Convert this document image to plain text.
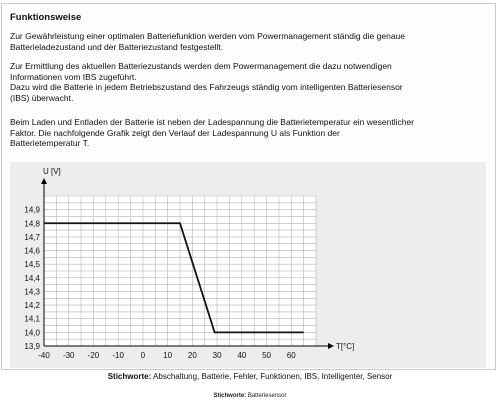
Funktionsweise

Zur Gewährleistung einer optimalen Batteriefunktion werden vom Powermanagement ständig die genaue
Batterieladezustand und der Batteriezustand festgestellt.

Zur Ermittlung des aktuellen Batteriezustands werden dem Powermanagement die dazu notwendigen
Informationen vom IBS zugeführt.
Dazu wird die Batterie in jedem Betriebszustand des Fahrzeugs ständig vom intelligenten Batteriesensor
(IBS) überwacht.

Beim Laden und Entladen der Batterie ist neben der Ladespannung die Batterietemperatur ein wesentlicher
Faktor. Die nachfolgende Grafik zeigt den Verlauf der Ladespannung U als Funktion der
Batterietemperatur T.

13,9
14,0
14,1
14,2
14,3
14,4
14,5
14,6
14,7
14,8
14,9
-40 -30 -20 -10 0 10 20 30 40 50 60
U [V]
T[°C]
Stichworte: Abschaltung, Batterie, Fehler, Funktionen, IBS, Intelligenter, Sensor
Stichworte: Batteriesensor
